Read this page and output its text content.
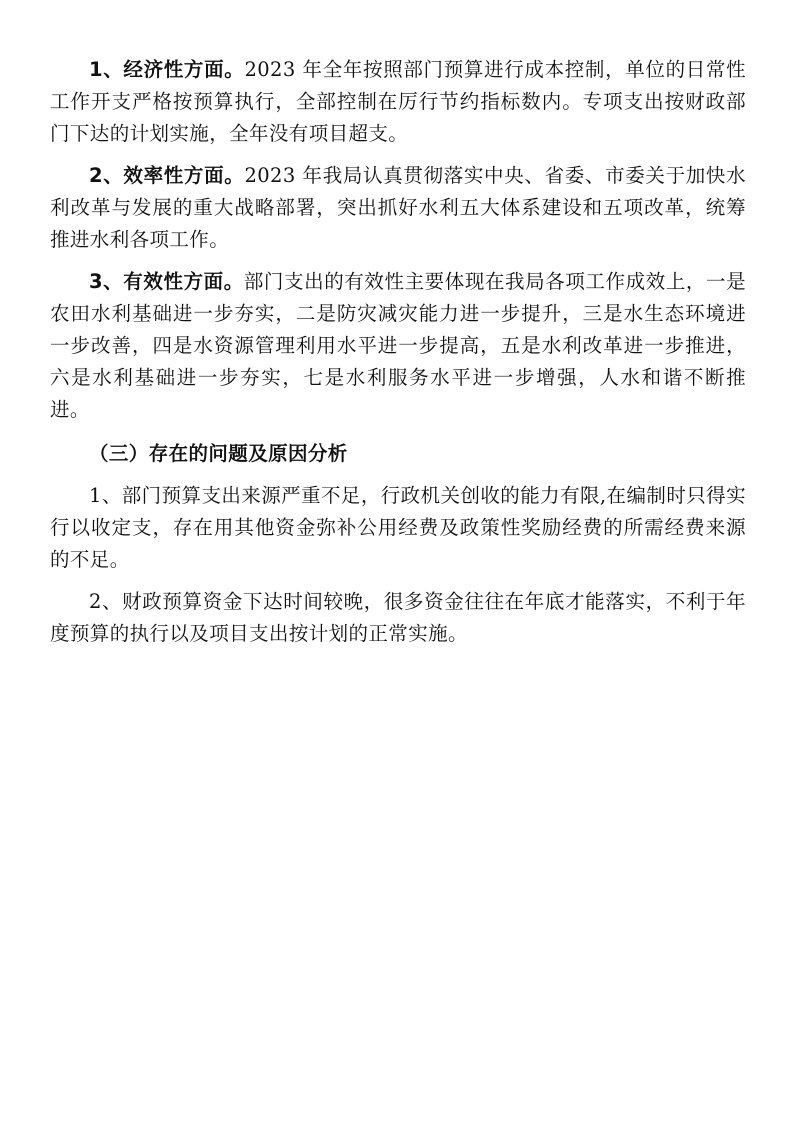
1、经济性方面。2023 年全年按照部门预算进行成本控制，单位的日常性工作开支严格按预算执行，全部控制在厉行节约指标数内。专项支出按财政部门下达的计划实施，全年没有项目超支。

2、效率性方面。2023 年我局认真贯彻落实中央、省委、市委关于加快水利改革与发展的重大战略部署，突出抓好水利五大体系建设和五项改革，统筹推进水利各项工作。

3、有效性方面。部门支出的有效性主要体现在我局各项工作成效上，一是农田水利基础进一步夯实，二是防灾减灾能力进一步提升，三是水生态环境进一步改善，四是水资源管理利用水平进一步提高，五是水利改革进一步推进，六是水利基础进一步夯实，七是水利服务水平进一步增强，人水和谐不断推进。

（三）存在的问题及原因分析

1、部门预算支出来源严重不足，行政机关创收的能力有限,在编制时只得实行以收定支，存在用其他资金弥补公用经费及政策性奖励经费的所需经费来源的不足。

2、财政预算资金下达时间较晚，很多资金往往在年底才能落实，不利于年度预算的执行以及项目支出按计划的正常实施。
